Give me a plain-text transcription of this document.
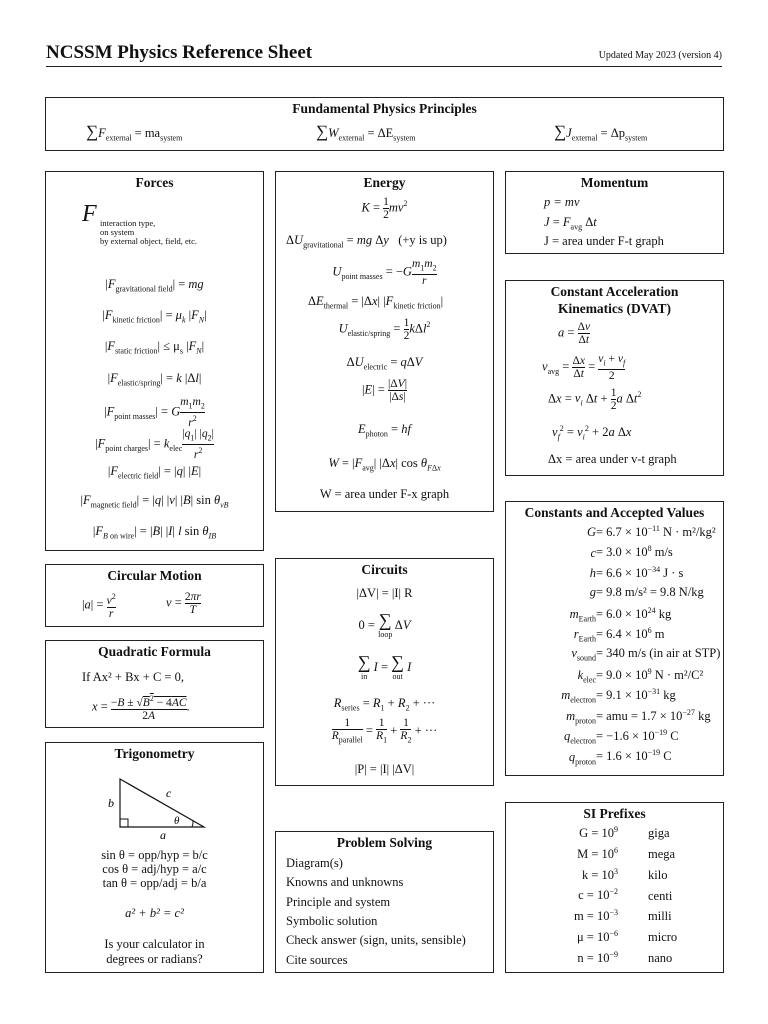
NCSSM Physics Reference Sheet	Updated May 2023 (version 4)
Fundamental Physics Principles
$\sum F_{external} = ma_{system}$	$\sum W_{external} = \Delta E_{system}$	$\sum J_{external} = \Delta p_{system}$
Forces
F interaction type,
on system
by external object, field, etc.
$|F_{gravitational field}|$ = mg
$|F_{kinetic friction}| = \mu_k$ $|F_N|$
$|F_{static friction}| \le \mu_s$ $|F_N|$
$|F_{elastic/spring}| = k$ |Δl|
$|F_{point masses}| = G \frac{m_1m_2}{r^2}$
$|F_{point charges}| = k_{elec} \frac{|q_1| |q_2|}{r^2}$
$|F_{electric field}| = |q|$ |E|
$|F_{magnetic field}| = |q|$ |v| |B| $\sin \theta_{vB}$
$|F_{B on wire}| = |B|$ |I| l $\sin \theta_{IB}$
Energy
$K = \frac{1}{2} mv^2$
$\Delta U_{gravitational}$ = mg Δy (+y is up)
$U_{point masses} = -G \frac{m_1m_2}{r}$
$\Delta E_{thermal} = |\Delta x|$ $|F_{kinetic friction}|$
$U_{elastic/spring} = \frac{1}{2} k\Delta l^2$
$\Delta U_{electric} = q\Delta V$
$|E| = \frac{|\Delta V|}{|\Delta s|}$
$E_{photon}$ = hf
$W = |F_{avg}|$ |Δx| $\cos \theta_{F\Delta x}$
W = area under F-x graph
Momentum
p = mv
$J = F_{avg}$ Δt
J = area under F-t graph
Constant Acceleration
Kinematics (DVAT)
$a = \frac{\Delta v}{\Delta t}$
$v_{avg} = \frac{\Delta x}{\Delta t} = \frac{v_i + v_f}{2}$
$\Delta x = v_i$ $\Delta t + \frac{1}{2}$ a $\Delta t^2$
$v_f^2 = v_i^2 + 2a$ Δx
Δx = area under v-t graph
Constants and Accepted Values
$G= 6.7 \times 10^{-11}$ N · m²/kg²
$c= 3.0 \times 10^8$ m/s
$h= 6.6 \times 10^{-34}$ J · s
g= 9.8 m/s² = 9.8 N/kg
$m_{Earth}= 6.0 \times 10^{24}$ kg
$r_{Earth}= 6.4 \times 10^6$ m
$v_{sound}= 340$ m/s (in air at STP)
$k_{elec}= 9.0 \times 10^9$ N · m²/C²
$m_{electron}= 9.1 \times 10^{-31}$ kg
$m_{proton}=$ amu = $1.7 \times 10^{-27}$ kg
$q_{electron}= -1.6 \times 10^{-19}$ C
$q_{proton}= 1.6 \times 10^{-19}$ C
Circular Motion
$|a| = \frac{v^2}{r}$	$v = \frac{2\pi r}{T}$
Quadratic Formula
If Ax² + Bx + C = 0,
$x = \frac{-B \pm √B^2 - 4AC}{2A}$ .
Trigonometry
a
b
c
θ
sin θ = opp/hyp = b/c
cos θ = adj/hyp = a/c
tan θ = opp/adj = b/a
a² + b² = c²
Is your calculator in
degrees or radians?
Circuits
|ΔV| = |I| R
0 = ∑
loop
ΔV
∑
in
I = ∑
out
I
$R_{series} = R_1 + R_2$ + ···
$\frac{1}{R_{parallel}} = \frac{1}{R_1} + \frac{1}{R_2}$ + ···
|P| = |I| |ΔV|
Problem Solving
Diagram(s)
Knowns and unknowns
Principle and system
Symbolic solution
Check answer (sign, units, sensible)
Cite sources
SI Prefixes
$G = 10^9$ giga
$M = 10^6$ mega
$k = 10^3$ kilo
$c = 10^{-2}$ centi
$m = 10^{-3}$ milli
$\mu = 10^{-6}$ micro
$n = 10^{-9}$ nano
